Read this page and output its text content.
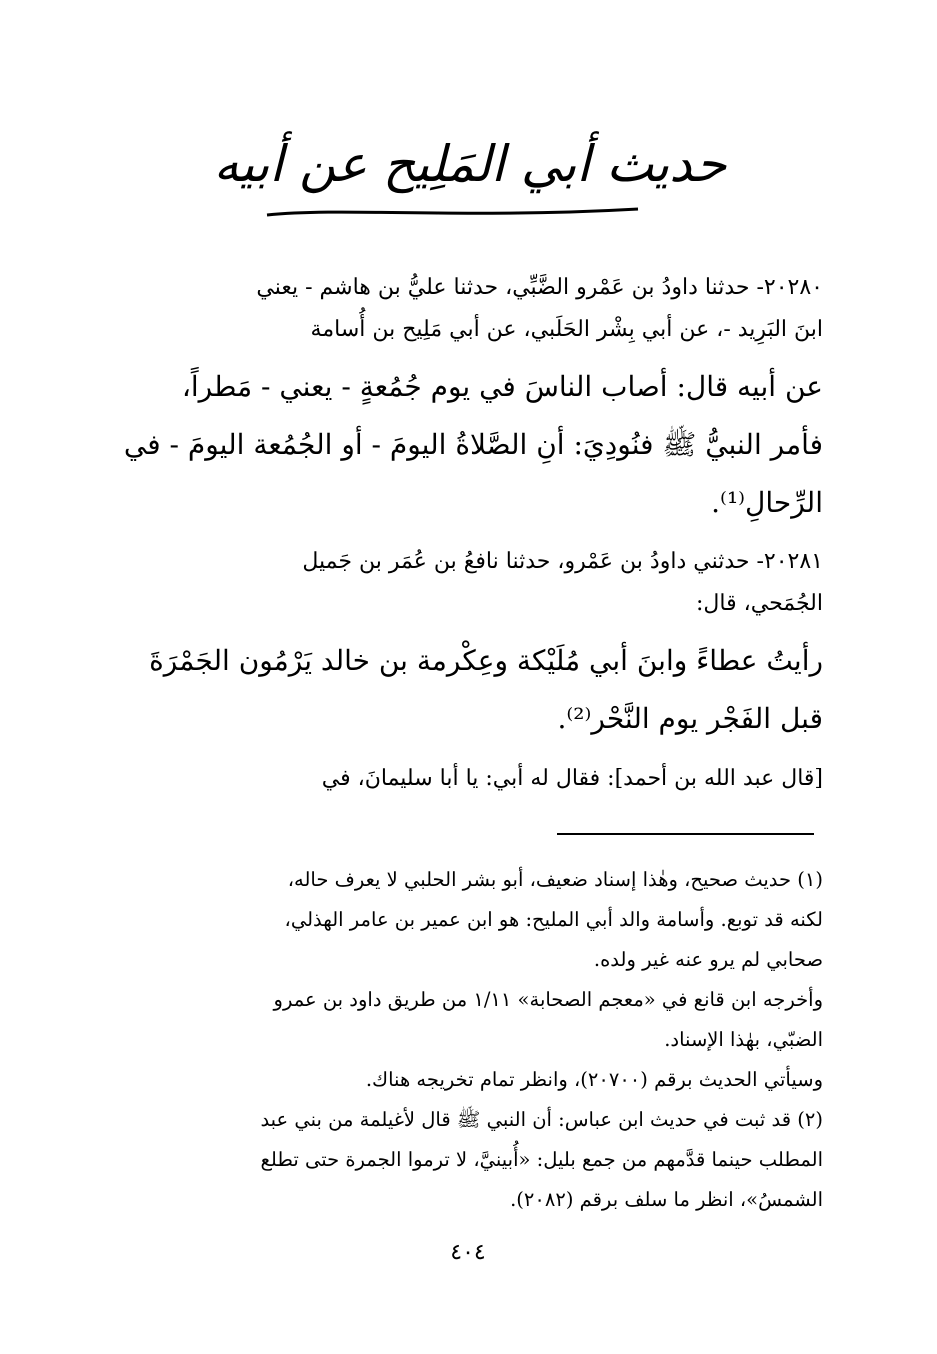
حديث أبي المَلِيح عن أبيه
٢٠٢٨٠- حدثنا داودُ بن عَمْرو الضَّبِّي، حدثنا عليُّ بن هاشم - يعني
ابنَ البَرِيد -، عن أبي بِشْر الحَلَبي، عن أبي مَلِيح بن أُسامة
عن أبيه قال: أصاب الناسَ في يوم جُمُعةٍ - يعني - مَطراً،
فأمر النبيُّ ﷺ فنُودِيَ: أنِ الصَّلاةُ اليومَ - أو الجُمُعة اليومَ - في
الرِّحالِ⁽¹⁾.
٢٠٢٨١- حدثني داودُ بن عَمْرو، حدثنا نافعُ بن عُمَر بن جَميل
الجُمَحي، قال:
رأيتُ عطاءً وابنَ أبي مُلَيْكة وعِكْرمة بن خالد يَرْمُون الجَمْرَةَ
قبل الفَجْر يوم النَّحْر⁽²⁾.
[قال عبد الله بن أحمد]: فقال له أبي: يا أبا سليمانَ، في
(١) حديث صحيح، وهٰذا إسناد ضعيف، أبو بشر الحلبي لا يعرف حاله،
لكنه قد توبع. وأسامة والد أبي المليح: هو ابن عمير بن عامر الهذلي،
صحابي لم يرو عنه غير ولده.
وأخرجه ابن قانع في «معجم الصحابة» ١/١١ من طريق داود بن عمرو
الضبّي، بهٰذا الإسناد.
وسيأتي الحديث برقم (٢٠٧٠٠)، وانظر تمام تخريجه هناك.
(٢) قد ثبت في حديث ابن عباس: أن النبي ﷺ قال لأغيلمة من بني عبد
المطلب حينما قدَّمهم من جمع بليل: «أُبينيَّ، لا ترموا الجمرة حتى تطلع
الشمسُ»، انظر ما سلف برقم (٢٠٨٢).
٤٠٤
